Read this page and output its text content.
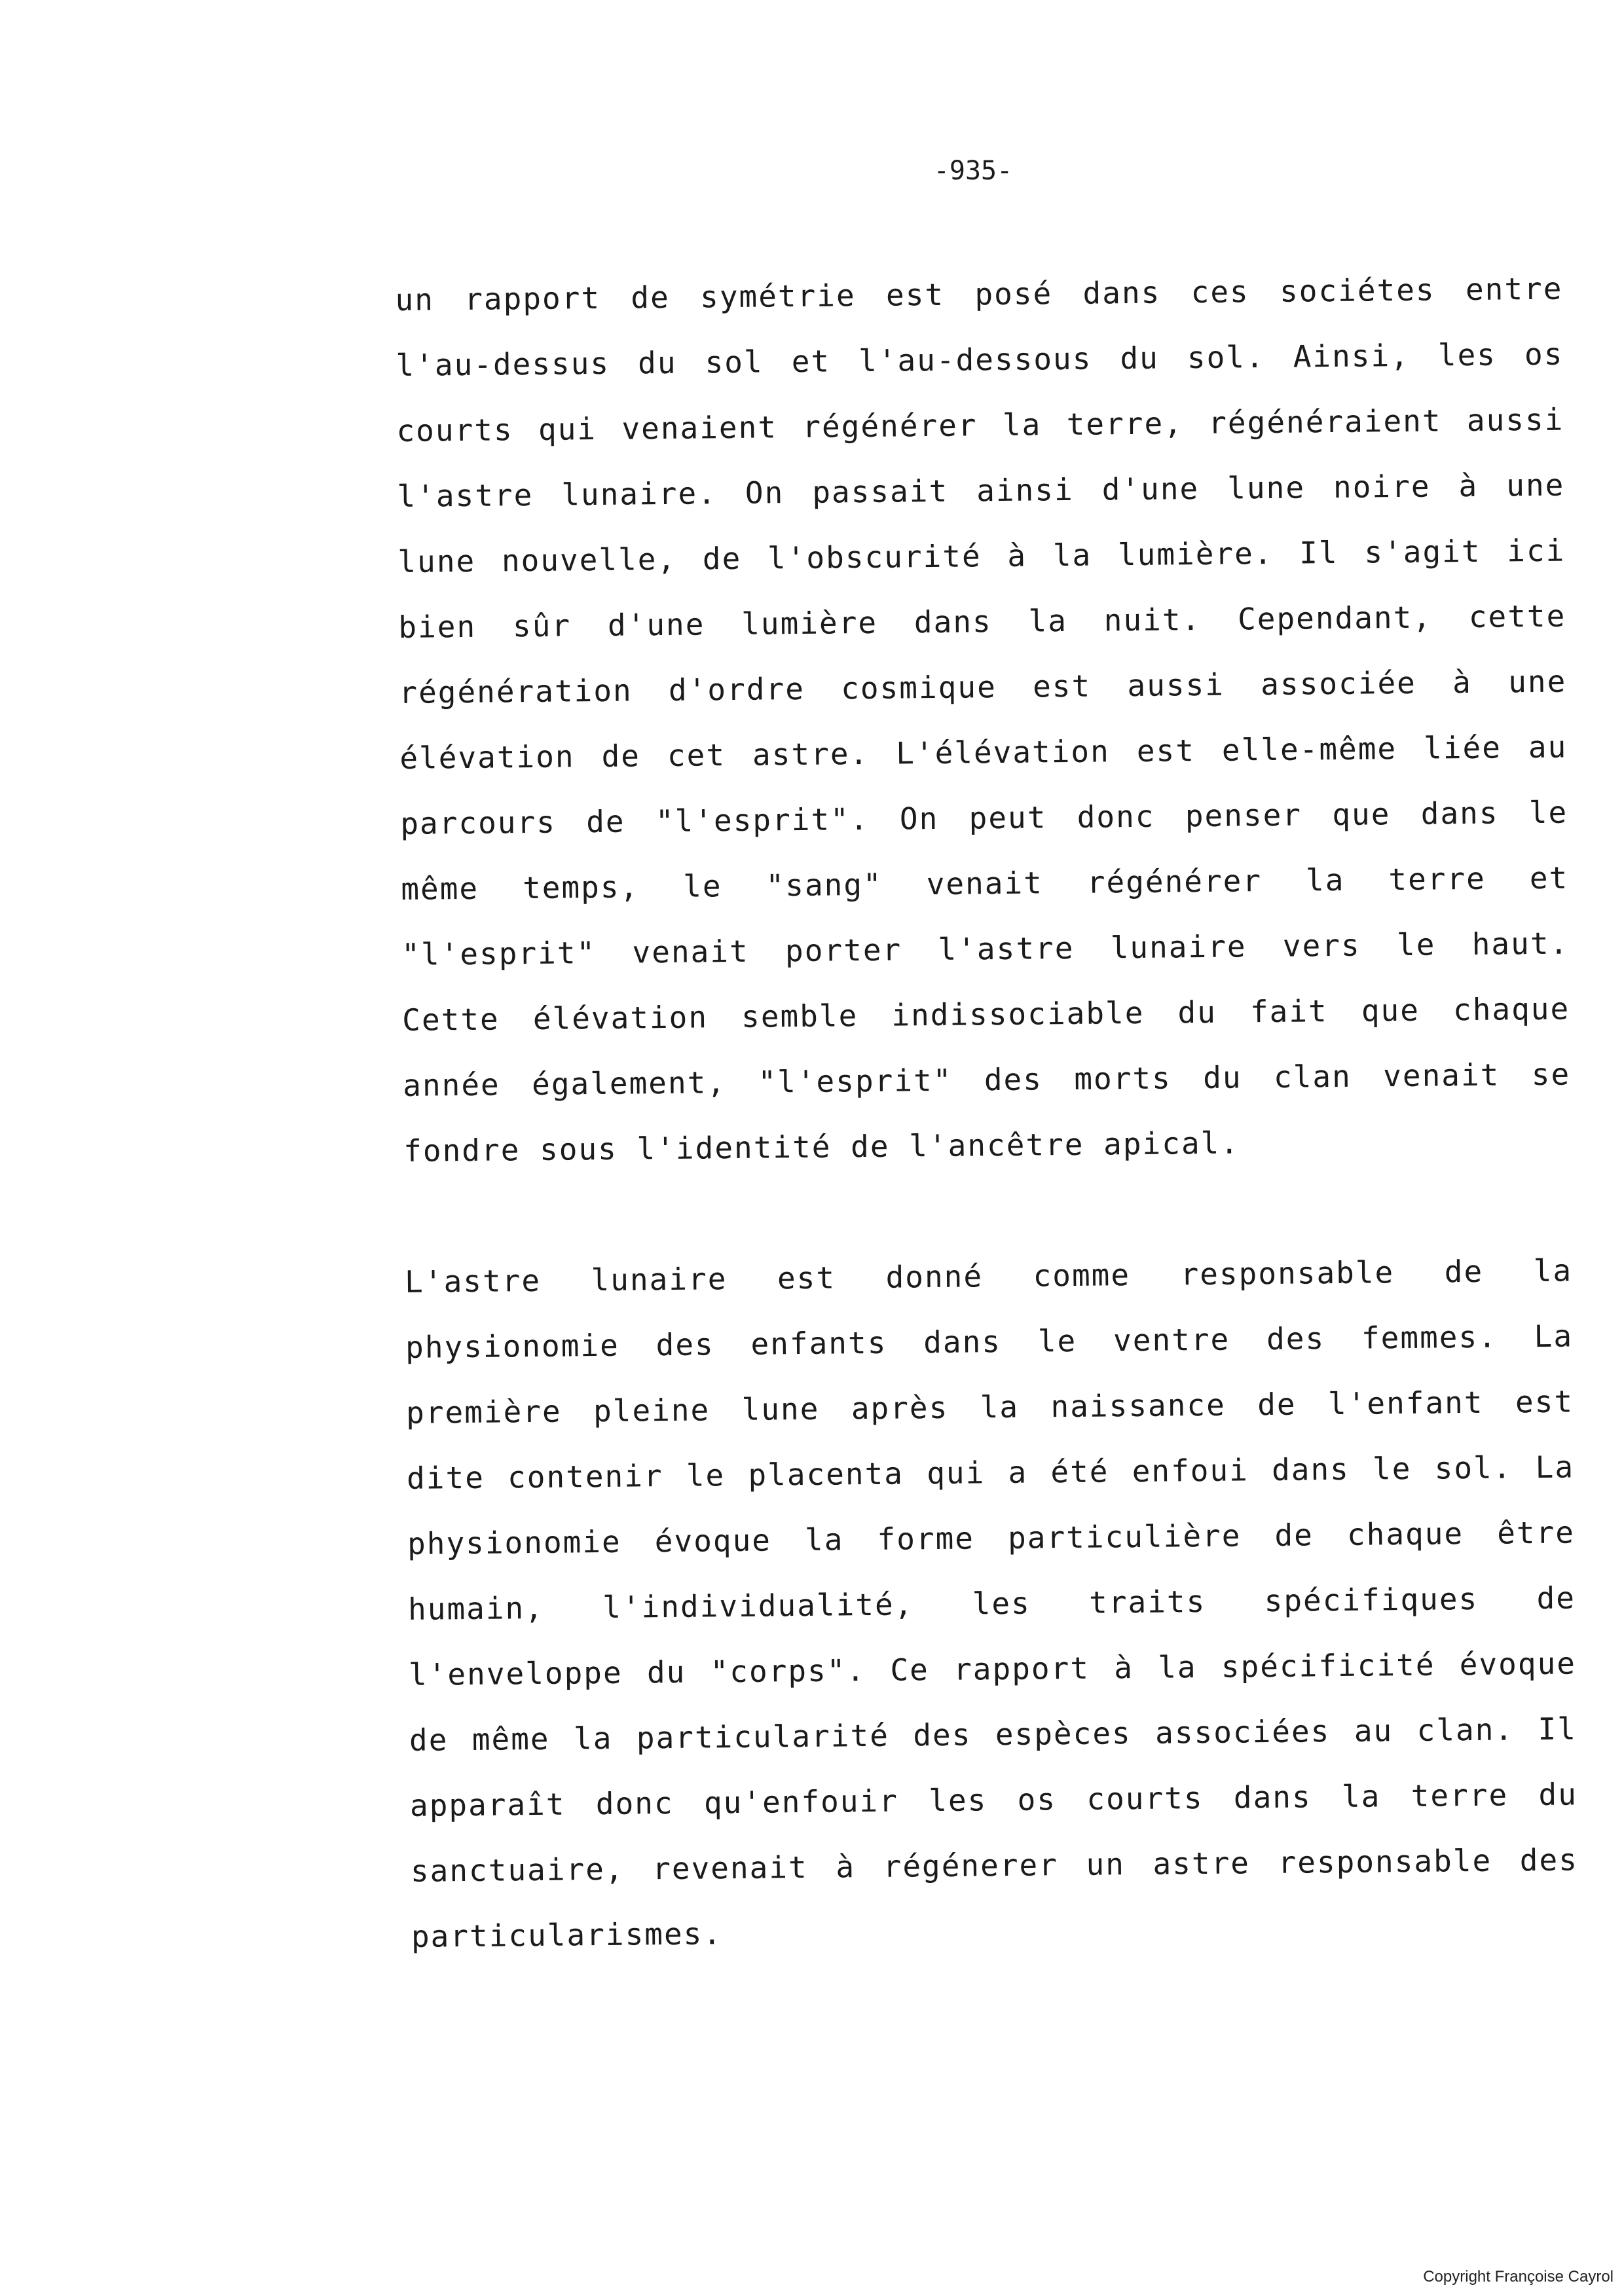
-935-
un rapport de symétrie est posé dans ces sociétes entre
l'au-dessus du sol et l'au-dessous du sol. Ainsi, les os
courts qui venaient régénérer la terre, régénéraient aussi
l'astre lunaire. On passait ainsi d'une lune noire à une
lune nouvelle, de l'obscurité à la lumière. Il s'agit ici
bien sûr d'une lumière dans la nuit. Cependant, cette
régénération d'ordre cosmique est aussi associée à une
élévation de cet astre. L'élévation est elle-même liée au
parcours de "l'esprit". On peut donc penser que dans le
même temps, le "sang" venait régénérer la terre et
"l'esprit" venait porter l'astre lunaire vers le haut.
Cette élévation semble indissociable du fait que chaque
année également, "l'esprit" des morts du clan venait se
fondre sous l'identité de l'ancêtre apical.
L'astre lunaire est donné comme responsable de la
physionomie des enfants dans le ventre des femmes. La
première pleine lune après la naissance de l'enfant est
dite contenir le placenta qui a été enfoui dans le sol. La
physionomie évoque la forme particulière de chaque être
humain, l'individualité, les traits spécifiques de
l'enveloppe du "corps". Ce rapport à la spécificité évoque
de même la particularité des espèces associées au clan. Il
apparaît donc qu'enfouir les os courts dans la terre du
sanctuaire, revenait à régénerer un astre responsable des
particularismes.
Copyright Françoise Cayrol
